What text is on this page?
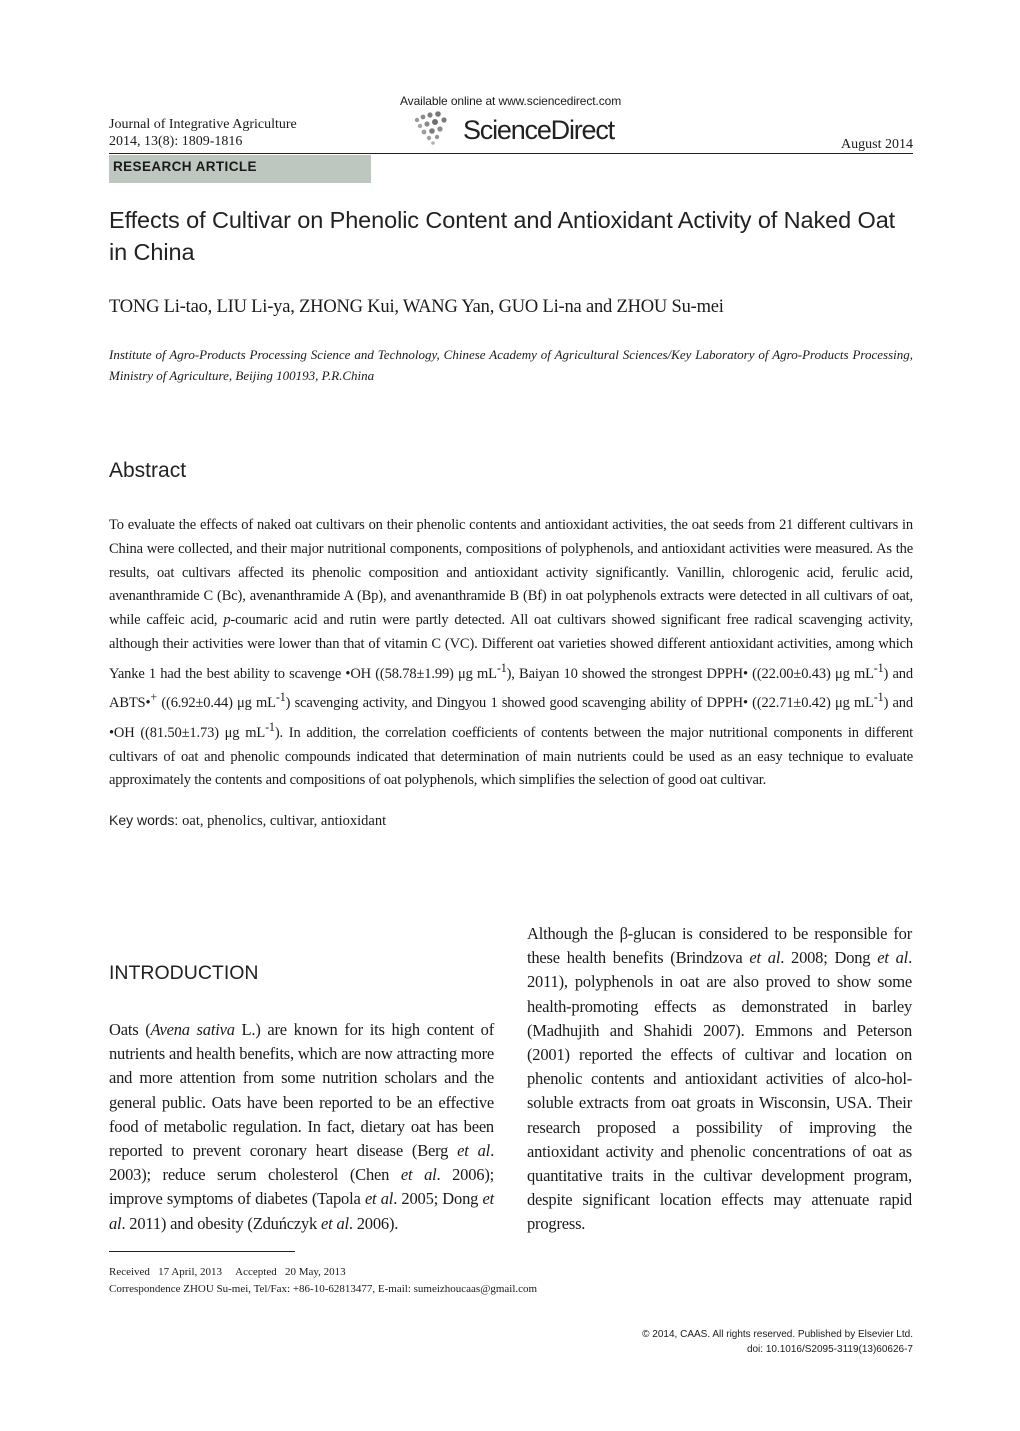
Available online at www.sciencedirect.com
ScienceDirect
Journal of Integrative Agriculture
2014, 13(8): 1809-1816	August 2014
RESEARCH ARTICLE
Effects of Cultivar on Phenolic Content and Antioxidant Activity of Naked Oat in China
TONG Li-tao, LIU Li-ya, ZHONG Kui, WANG Yan, GUO Li-na and ZHOU Su-mei
Institute of Agro-Products Processing Science and Technology, Chinese Academy of Agricultural Sciences/Key Laboratory of Agro-Products Processing, Ministry of Agriculture, Beijing 100193, P.R.China
Abstract
To evaluate the effects of naked oat cultivars on their phenolic contents and antioxidant activities, the oat seeds from 21 different cultivars in China were collected, and their major nutritional components, compositions of polyphenols, and antioxidant activities were measured. As the results, oat cultivars affected its phenolic composition and antioxidant activity significantly. Vanillin, chlorogenic acid, ferulic acid, avenanthramide C (Bc), avenanthramide A (Bp), and avenanthramide B (Bf) in oat polyphenols extracts were detected in all cultivars of oat, while caffeic acid, p-coumaric acid and rutin were partly detected. All oat cultivars showed significant free radical scavenging activity, although their activities were lower than that of vitamin C (VC). Different oat varieties showed different antioxidant activities, among which Yanke 1 had the best ability to scavenge •OH ((58.78±1.99) μg $mL^{-1}$), Baiyan 10 showed the strongest DPPH• ((22.00±0.43) μg $mL^{-1}$) and ABTS•+ ((6.92±0.44) μg $mL^{-1}$) scavenging activity, and Dingyou 1 showed good scavenging ability of DPPH• ((22.71±0.42) μg $mL^{-1}$) and •OH ((81.50±1.73) μg $mL^{-1}$). In addition, the correlation coefficients of contents between the major nutritional components in different cultivars of oat and phenolic compounds indicated that determination of main nutrients could be used as an easy technique to evaluate approximately the contents and compositions of oat polyphenols, which simplifies the selection of good oat cultivar.
Key words: oat, phenolics, cultivar, antioxidant
INTRODUCTION
Oats (Avena sativa L.) are known for its high content of nutrients and health benefits, which are now attracting more and more attention from some nutrition scholars and the general public. Oats have been reported to be an effective food of metabolic regulation. In fact, dietary oat has been reported to prevent coronary heart disease (Berg et al. 2003); reduce serum cholesterol (Chen et al. 2006); improve symptoms of diabetes (Tapola et al. 2005; Dong et al. 2011) and obesity (Zduńczyk et al. 2006).
Although the β-glucan is considered to be responsible for these health benefits (Brindzova et al. 2008; Dong et al. 2011), polyphenols in oat are also proved to show some health-promoting effects as demonstrated in barley (Madhujith and Shahidi 2007). Emmons and Peterson (2001) reported the effects of cultivar and location on phenolic contents and antioxidant activities of alco-hol-soluble extracts from oat groats in Wisconsin, USA. Their research proposed a possibility of improving the antioxidant activity and phenolic concentrations of oat as quantitative traits in the cultivar development program, despite significant location effects may attenuate rapid progress.
Received   17 April, 2013     Accepted   20 May, 2013
Correspondence ZHOU Su-mei, Tel/Fax: +86-10-62813477, E-mail: sumeizhoucaas@gmail.com
© 2014, CAAS. All rights reserved. Published by Elsevier Ltd.
doi: 10.1016/S2095-3119(13)60626-7
